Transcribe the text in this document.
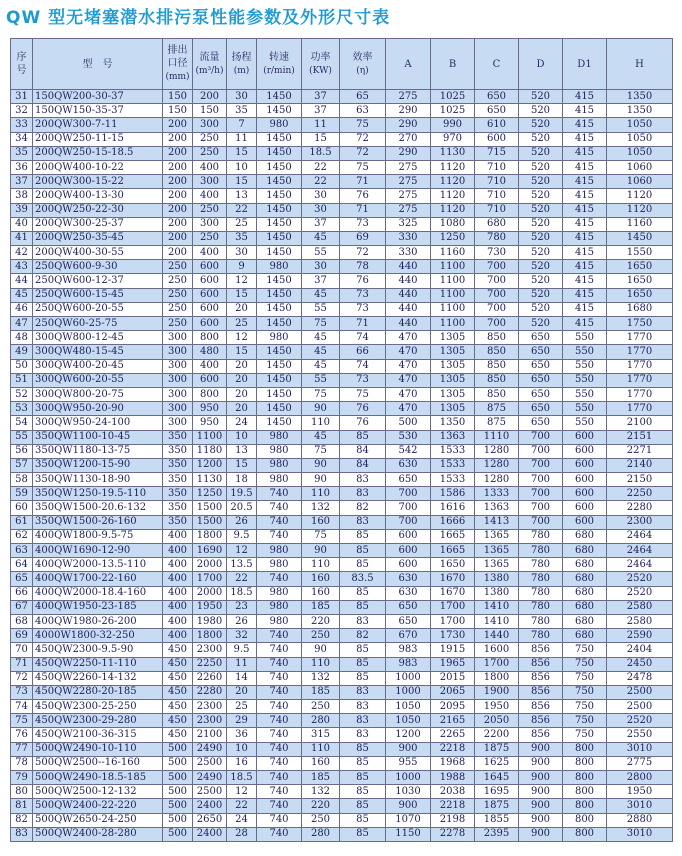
QW 型无堵塞潜水排污泵性能参数及外形尺寸表
序
号	型　号	排出
口径
(mm)	流量
(m³/h)	扬程
(m)	转速
(r/min)	功率
(KW)	效率
(η)	A	B	C	D	D1	H
31	150QW200-30-37	150	200	30	1450	37	65	275	1025	650	520	415	1350
32	150QW150-35-37	150	150	35	1450	37	63	290	1025	650	520	415	1350
33	200QW300-7-11	200	300	7	980	11	75	290	990	610	520	415	1050
34	200QW250-11-15	200	250	11	1450	15	72	270	970	600	520	415	1050
35	200QW250-15-18.5	200	250	15	1450	18.5	72	290	1130	715	520	415	1050
36	200QW400-10-22	200	400	10	1450	22	75	275	1120	710	520	415	1060
37	200QW300-15-22	200	300	15	1450	22	71	275	1120	710	520	415	1060
38	200QW400-13-30	200	400	13	1450	30	76	275	1120	710	520	415	1120
39	200QW250-22-30	200	250	22	1450	30	71	275	1120	710	520	415	1120
40	200QW300-25-37	200	300	25	1450	37	73	325	1080	680	520	415	1160
41	200QW250-35-45	200	250	35	1450	45	69	330	1250	780	520	415	1450
42	200QW400-30-55	200	400	30	1450	55	72	330	1160	730	520	415	1550
43	250QW600-9-30	250	600	9	980	30	78	440	1100	700	520	415	1650
44	250QW600-12-37	250	600	12	1450	37	76	440	1100	700	520	415	1650
45	250QW600-15-45	250	600	15	1450	45	73	440	1100	700	520	415	1650
46	250QW600-20-55	250	600	20	1450	55	73	440	1100	700	520	415	1680
47	250QW60-25-75	250	600	25	1450	75	71	440	1100	700	520	415	1750
48	300QW800-12-45	300	800	12	980	45	74	470	1305	850	650	550	1770
49	300QW480-15-45	300	480	15	1450	45	66	470	1305	850	650	550	1770
50	300QW400-20-45	300	400	20	1450	45	74	470	1305	850	650	550	1770
51	300QW600-20-55	300	600	20	1450	55	73	470	1305	850	650	550	1770
52	300QW800-20-75	300	800	20	1450	75	75	470	1305	850	650	550	1770
53	300QW950-20-90	300	950	20	1450	90	76	470	1305	875	650	550	1770
54	300QW950-24-100	300	950	24	1450	110	76	500	1350	875	650	550	2100
55	350QW1100-10-45	350	1100	10	980	45	85	530	1363	1110	700	600	2151
56	350QW1180-13-75	350	1180	13	980	75	84	542	1533	1280	700	600	2271
57	350QW1200-15-90	350	1200	15	980	90	84	630	1533	1280	700	600	2140
58	350QW1130-18-90	350	1130	18	980	90	83	650	1533	1280	700	600	2150
59	350QW1250-19.5-110	350	1250	19.5	740	110	83	700	1586	1333	700	600	2250
60	350QW1500-20.6-132	350	1500	20.5	740	132	82	700	1616	1363	700	600	2280
61	350QW1500-26-160	350	1500	26	740	160	83	700	1666	1413	700	600	2300
62	400QW1800-9.5-75	400	1800	9.5	740	75	85	600	1665	1365	780	680	2464
63	400QW1690-12-90	400	1690	12	980	90	85	600	1665	1365	780	680	2464
64	400QW2000-13.5-110	400	2000	13.5	980	110	85	600	1650	1365	780	680	2464
65	400QW1700-22-160	400	1700	22	740	160	83.5	630	1670	1380	780	680	2520
66	400QW2000-18.4-160	400	2000	18.5	980	160	85	630	1670	1380	780	680	2520
67	400QW1950-23-185	400	1950	23	980	185	85	650	1700	1410	780	680	2580
68	400QW1980-26-200	400	1980	26	980	220	83	650	1700	1410	780	680	2580
69	4000W1800-32-250	400	1800	32	740	250	82	670	1730	1440	780	680	2590
70	450QW2300-9.5-90	450	2300	9.5	740	90	85	983	1915	1600	856	750	2404
71	450QW2250-11-110	450	2250	11	740	110	85	983	1965	1700	856	750	2450
72	450QW2260-14-132	450	2260	14	740	132	85	1000	2015	1800	856	750	2478
73	450QW2280-20-185	450	2280	20	740	185	83	1000	2065	1900	856	750	2500
74	450QW2300-25-250	450	2300	25	740	250	83	1050	2095	1950	856	750	2500
75	450QW2300-29-280	450	2300	29	740	280	83	1050	2165	2050	856	750	2520
76	450QW2100-36-315	450	2100	36	740	315	83	1200	2265	2200	856	750	2550
77	500QW2490-10-110	500	2490	10	740	110	85	900	2218	1875	900	800	3010
78	500QW2500--16-160	500	2500	16	740	160	85	955	1968	1625	900	800	2775
79	500QW2490-18.5-185	500	2490	18.5	740	185	85	1000	1988	1645	900	800	2800
80	500QW2500-12-132	500	2500	12	740	132	85	1030	2038	1695	900	800	1950
81	500QW2400-22-220	500	2400	22	740	220	85	900	2218	1875	900	800	3010
82	500QW2650-24-250	500	2650	24	740	250	85	1070	2198	1855	900	800	2880
83	500QW2400-28-280	500	2400	28	740	280	85	1150	2278	2395	900	800	3010
